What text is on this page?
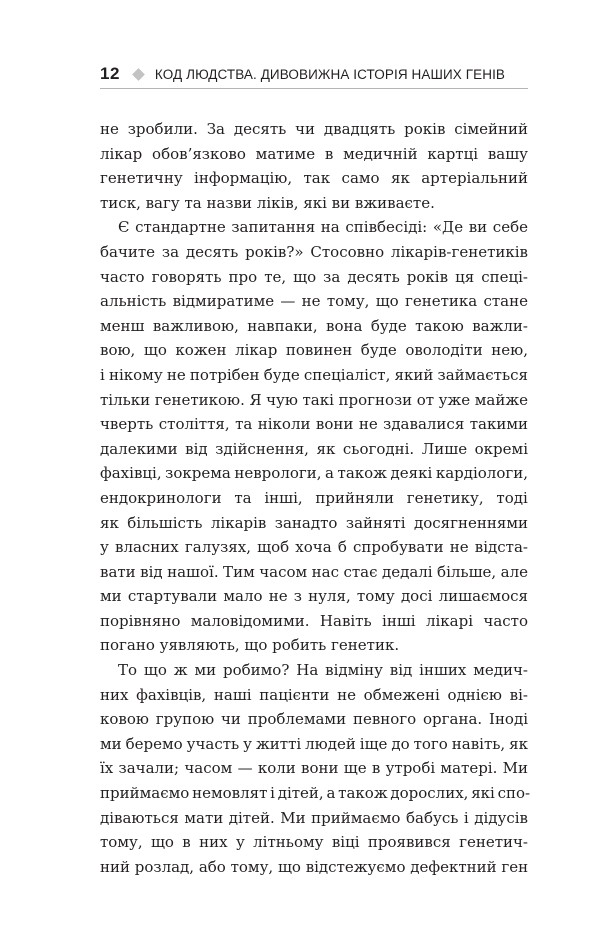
12	КОД ЛЮДСТВА. ДИВОВИЖНА ІСТОРІЯ НАШИХ ГЕНІВ
не зробили. За десять чи двадцять років сімейний
лікар обов’язково матиме в медичній картці вашу
генетичну інформацію, так само як артеріальний
тиск, вагу та назви ліків, які ви вживаєте.
Є стандартне запитання на співбесіді: «Де ви себе
бачите за десять років?» Стосовно лікарів-генетиків
часто говорять про те, що за десять років ця спеці-
альність відмиратиме — не тому, що генетика стане
менш важливою, навпаки, вона буде такою важли-
вою, що кожен лікар повинен буде оволодіти нею,
і нікому не потрібен буде спеціаліст, який займається
тільки генетикою. Я чую такі прогнози от уже майже
чверть століття, та ніколи вони не здавалися такими
далекими від здійснення, як сьогодні. Лише окремі
фахівці, зокрема неврологи, а також деякі кардіологи,
ендокринологи та інші, прийняли генетику, тоді
як більшість лікарів занадто зайняті досягненнями
у власних галузях, щоб хоча б спробувати не відста-
вати від нашої. Тим часом нас стає дедалі більше, але
ми стартували мало не з нуля, тому досі лишаємося
порівняно маловідомими. Навіть інші лікарі часто
погано уявляють, що робить генетик.
То що ж ми робимо? На відміну від інших медич-
них фахівців, наші пацієнти не обмежені однією ві-
ковою групою чи проблемами певного органа. Іноді
ми беремо участь у житті людей іще до того навіть, як
їх зачали; часом — коли вони ще в утробі матері. Ми
приймаємо немовлят і дітей, а також дорослих, які спо-
діваються мати дітей. Ми приймаємо бабусь і дідусів
тому, що в них у літньому віці проявився генетич-
ний розлад, або тому, що відстежуємо дефектний ген
